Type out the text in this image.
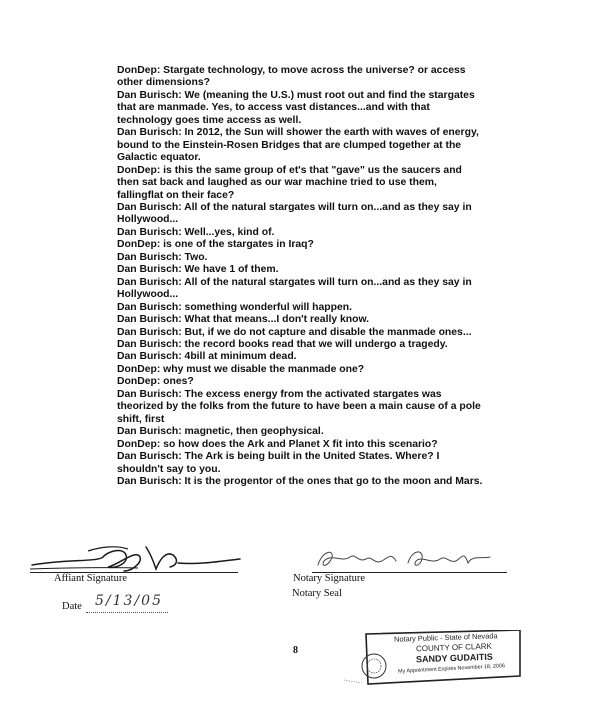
DonDep: Stargate technology, to move across the universe? or access
other dimensions?
Dan Burisch: We (meaning the U.S.) must root out and find the stargates
that are manmade. Yes, to access vast distances...and with that
technology goes time access as well.
Dan Burisch: In 2012, the Sun will shower the earth with waves of energy,
bound to the Einstein-Rosen Bridges that are clumped together at the
Galactic equator.
DonDep: is this the same group of et's that "gave" us the saucers and
then sat back and laughed as our war machine tried to use them,
fallingflat on their face?
Dan Burisch: All of the natural stargates will turn on...and as they say in
Hollywood...
Dan Burisch: Well...yes, kind of.
DonDep: is one of the stargates in Iraq?
Dan Burisch: Two.
Dan Burisch: We have 1 of them.
Dan Burisch: All of the natural stargates will turn on...and as they say in
Hollywood...
Dan Burisch: something wonderful will happen.
Dan Burisch: What that means...I don't really know.
Dan Burisch: But, if we do not capture and disable the manmade ones...
Dan Burisch: the record books read that we will undergo a tragedy.
Dan Burisch: 4bill at minimum dead.
DonDep: why must we disable the manmade one?
DonDep: ones?
Dan Burisch: The excess energy from the activated stargates was
theorized by the folks from the future to have been a main cause of a pole
shift, first
Dan Burisch: magnetic, then geophysical.
DonDep: so how does the Ark and Planet X fit into this scenario?
Dan Burisch: The Ark is being built in the United States. Where? I
shouldn't say to you.
Dan Burisch: It is the progentor of the ones that go to the moon and Mars.
Affiant Signature
Date 5/13/05
Notary Signature
Notary Seal
8
Notary Public - State of Nevada
COUNTY OF CLARK
SANDY GUDAITIS
My Appointment Expires November 18, 2006
